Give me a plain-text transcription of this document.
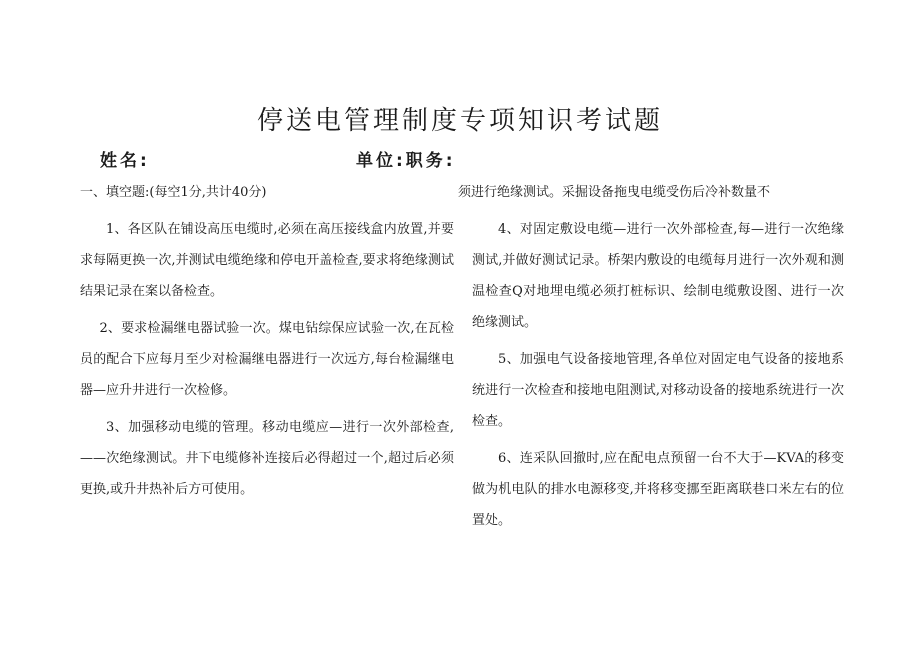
停送电管理制度专项知识考试题
姓名:	单位:职务:

一、填空题:(每空1分,共计40分)

1、各区队在铺设高压电缆时,必须在高压接线盒内放置,并要求每隔更换一次,并测试电缆绝缘和停电开盖检查,要求将绝缘测试结果记录在案以备检查。

2、要求检漏继电器试验一次。煤电钻综保应试验一次,在瓦检员的配合下应每月至少对检漏继电器进行一次远方,每台检漏继电器—应升井进行一次检修。

3、加强移动电缆的管理。移动电缆应—进行一次外部检查,——次绝缘测试。井下电缆修补连接后必得超过一个,超过后必须更换,或升井热补后方可使用。

须进行绝缘测试。采掘设备拖曳电缆受伤后冷补数量不

4、对固定敷设电缆—进行一次外部检查,每—进行一次绝缘测试,并做好测试记录。桥架内敷设的电缆每月进行一次外观和测温检查Q对地埋电缆必须打桩标识、绘制电缆敷设图、进行一次绝缘测试。

5、加强电气设备接地管理,各单位对固定电气设备的接地系统进行一次检查和接地电阻测试,对移动设备的接地系统进行一次检查。

6、连采队回撤时,应在配电点预留一台不大于—KVA的移变做为机电队的排水电源移变,并将移变挪至距离联巷口米左右的位置处。
